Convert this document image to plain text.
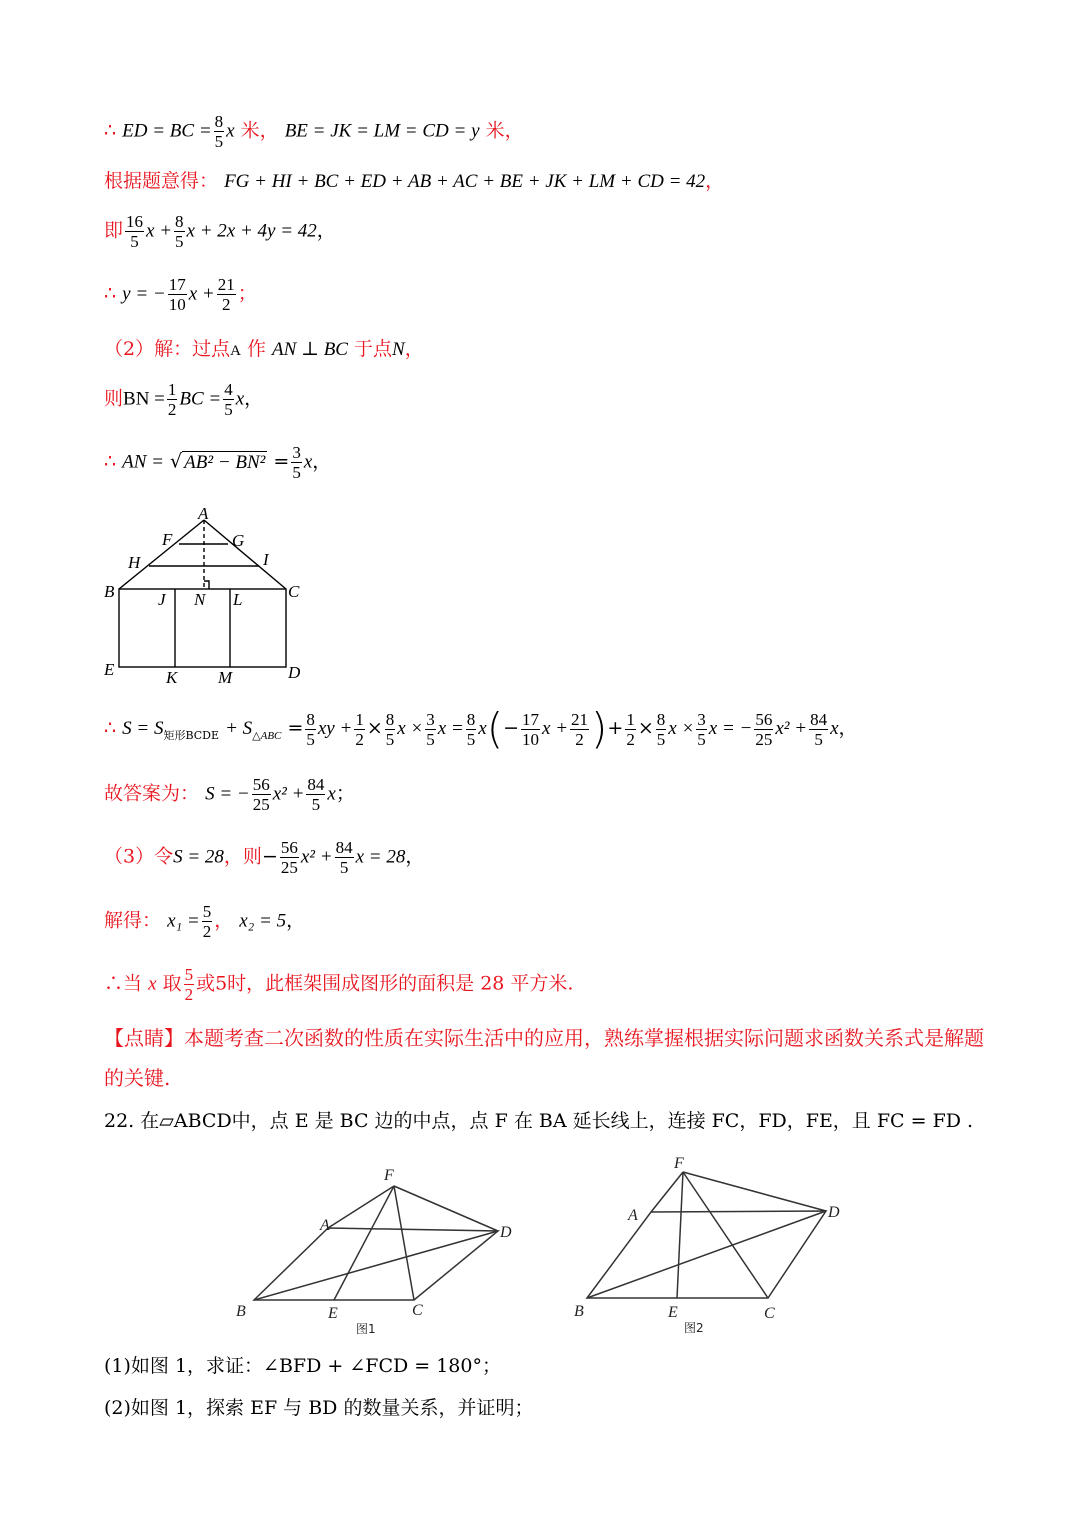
∴ ED = BC = $\frac{8}{5}$ x 米， BE = JK = LM = CD = y 米，
根据题意得： FG + HI + BC + ED + AB + AC + BE + JK + LM + CD = 42，
即 $\frac{16}{5}$ $x + \frac{8}{5}$ x + 2x + 4y = 42，
∴ y = − $\frac{17}{10}$ $x + \frac{21}{2}$ ；
（2）解：过点A 作 AN ⊥ BC 于点N，
则BN = $\frac{1}{2}$ BC = $\frac{4}{5}$ x，
∴ AN = √ $AB^2 - BN^2 = \frac{3}{5}$ x，
A
F	G
H	I
B	C
J N L
E	K M	D
∴ $S = S_{矩形BCDE} + S_{\triangle ABC} = \frac{8}{5}$ xy + $\frac{1}{2} \times \frac{8}{5}$ $x \times \frac{3}{5}$ $x = \frac{8}{5} x(- \frac{17}{10}$ $x + \frac{21}{2}$ )+ $\frac{1}{2} \times \frac{8}{5}$ $x \times \frac{3}{5}$ x = − $\frac{56}{25} x^2 + \frac{84}{5}$ x，
故答案为： S = − $\frac{56}{25} x^2 + \frac{84}{5}$ x；
（3）令S = 28，则− $\frac{56}{25} x^2 + \frac{84}{5}$ x = 28，
解得： $x_1 = \frac{5}{2}$ ， x₂ = 5，
∴当 x 取 $\frac{5}{2}$ 或5时，此框架围成图形的面积是 28 平方米.
【点睛】本题考查二次函数的性质在实际生活中的应用，熟练掌握根据实际问题求函数关系式是解题的关键.
22. 在▱ABCD中，点 E 是 BC 边的中点，点 F 在 BA 延长线上，连接 FC，FD，FE，且 FC = FD .
F
A	D
B	E	C
图1
F
A	D
B	E	C
图2
(1)如图 1，求证：∠BFD + ∠FCD = 180°；
(2)如图 1，探索 EF 与 BD 的数量关系，并证明；
